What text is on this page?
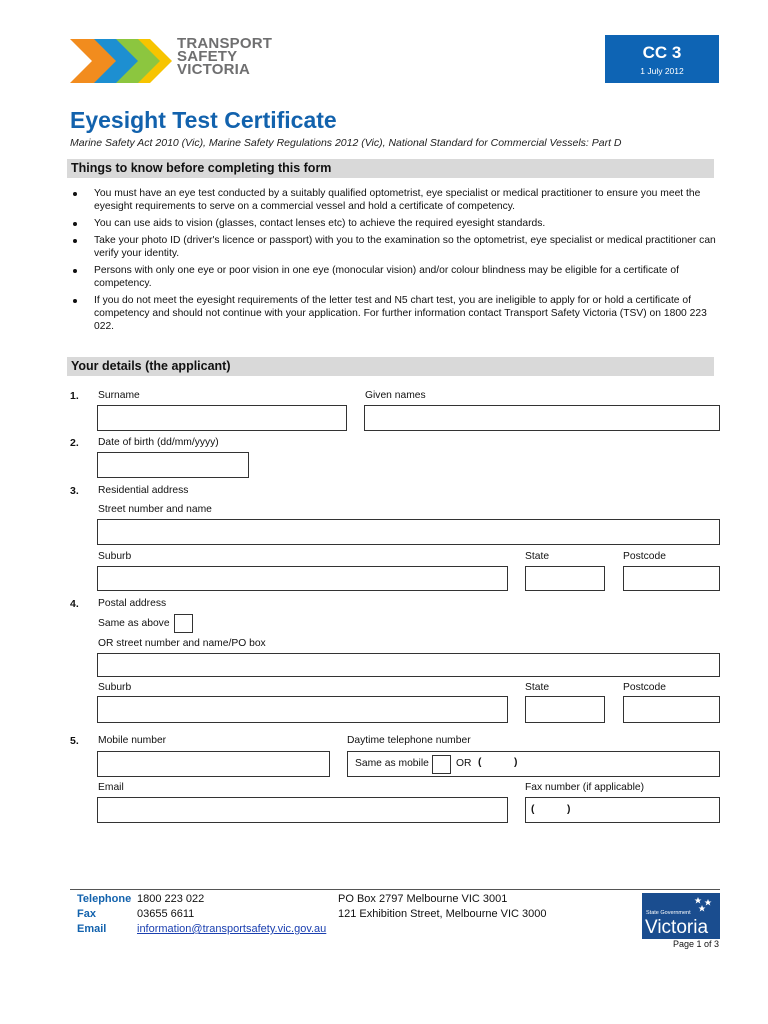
TRANSPORT
SAFETY
VICTORIA
CC 3
1 July 2012
Eyesight Test Certificate
Marine Safety Act 2010 (Vic), Marine Safety Regulations 2012 (Vic), National Standard for Commercial Vessels: Part D
Things to know before completing this form
You must have an eye test conducted by a suitably qualified optometrist, eye specialist or medical practitioner to ensure you meet the eyesight requirements to serve on a commercial vessel and hold a certificate of competency.
You can use aids to vision (glasses, contact lenses etc) to achieve the required eyesight standards.
Take your photo ID (driver's licence or passport) with you to the examination so the optometrist, eye specialist or medical practitioner can verify your identity.
Persons with only one eye or poor vision in one eye (monocular vision) and/or colour blindness may be eligible for a certificate of competency.
If you do not meet the eyesight requirements of the letter test and N5 chart test, you are ineligible to apply for or hold a certificate of competency and should not continue with your application. For further information contact Transport Safety Victoria (TSV) on 1800 223 022.
Your details (the applicant)
1. Surname	Given names
2. Date of birth (dd/mm/yyyy)
3. Residential address
Street number and name
Suburb	State	Postcode
4. Postal address
Same as above
OR street number and name/PO box
Suburb	State	Postcode
5. Mobile number	Daytime telephone number
Same as mobile	OR (	)
Email	Fax number (if applicable)
(	)
Telephone 1800 223 022
Fax	03655 6611
Email	information@transportsafety.vic.gov.au
PO Box 2797 Melbourne VIC 3001
121 Exhibition Street, Melbourne VIC 3000	State Government
Victoria
Page 1 of 3
